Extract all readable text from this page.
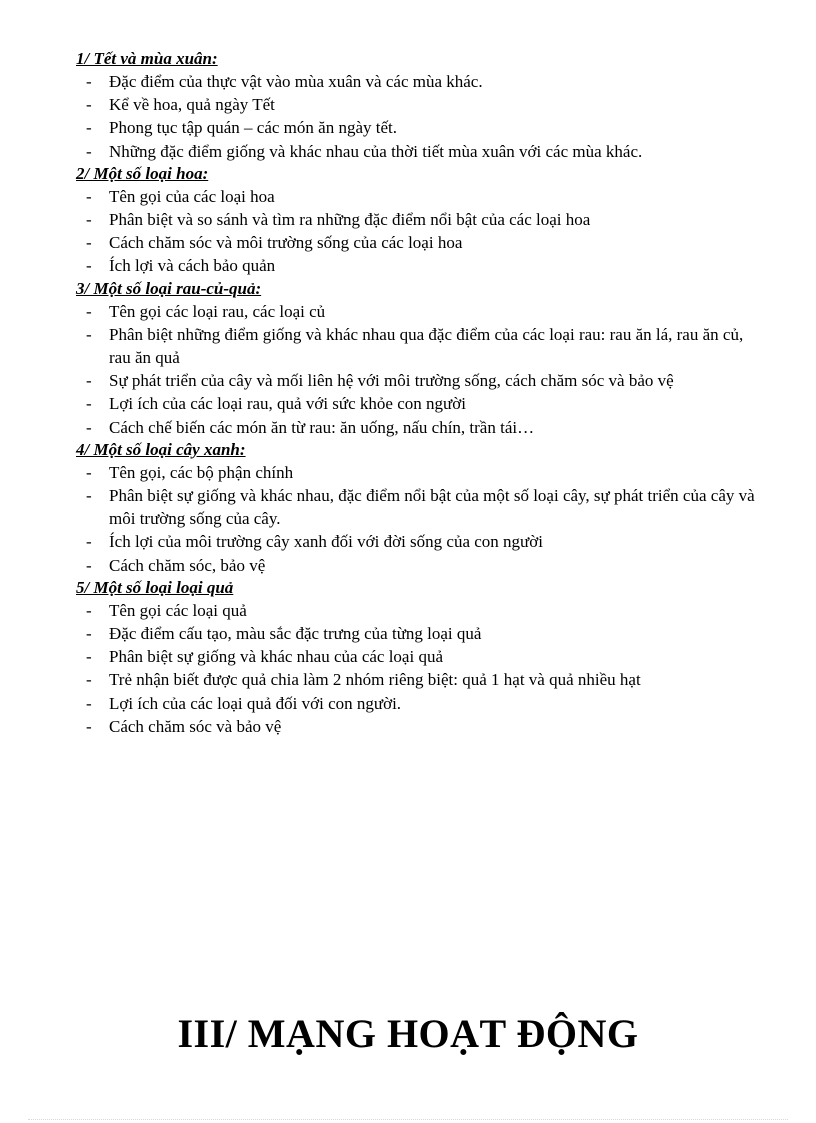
1/ Tết và mùa xuân:

- Đặc điểm của thực vật vào mùa xuân và các mùa khác.
- Kể về hoa, quả ngày Tết
- Phong tục tập quán – các món ăn ngày tết.
- Những đặc điểm giống và khác nhau của thời tiết mùa xuân với các mùa khác.

2/ Một số loại hoa:

- Tên gọi của các loại hoa
- Phân biệt và so sánh và tìm ra những đặc điểm nổi bật của các loại hoa
- Cách chăm sóc và môi trường sống của các loại hoa
- Ích lợi và cách bảo quản

3/ Một số loại rau-củ-quả:

- Tên gọi các loại rau, các loại củ
- Phân biệt những điểm giống và khác nhau qua đặc điểm của các loại rau: rau ăn lá, rau ăn củ, rau ăn quả
- Sự phát triển của cây và mối liên hệ với môi trường sống, cách chăm sóc và bảo vệ
- Lợi ích của các loại rau, quả với sức khỏe con người
- Cách chế biến các món ăn từ rau: ăn uống, nấu chín, trần tái…

4/ Một số loại cây xanh:

- Tên gọi, các bộ phận chính
- Phân biệt sự giống và khác nhau, đặc điểm nổi bật của một số loại cây, sự phát triển của cây và môi trường sống của cây.
- Ích lợi của môi trường cây xanh đối với đời sống của con người
- Cách chăm sóc, bảo vệ

5/ Một số loại loại quả

- Tên gọi các loại quả
- Đặc điểm cấu tạo, màu sắc đặc trưng của từng loại quả
- Phân biệt sự giống và khác nhau của các loại quả
- Trẻ nhận biết được quả chia làm 2 nhóm riêng biệt: quả 1 hạt và quả nhiều hạt
- Lợi ích của các loại quả đối với con người.
- Cách chăm sóc và bảo vệ
III/ MẠNG HOẠT ĐỘNG
